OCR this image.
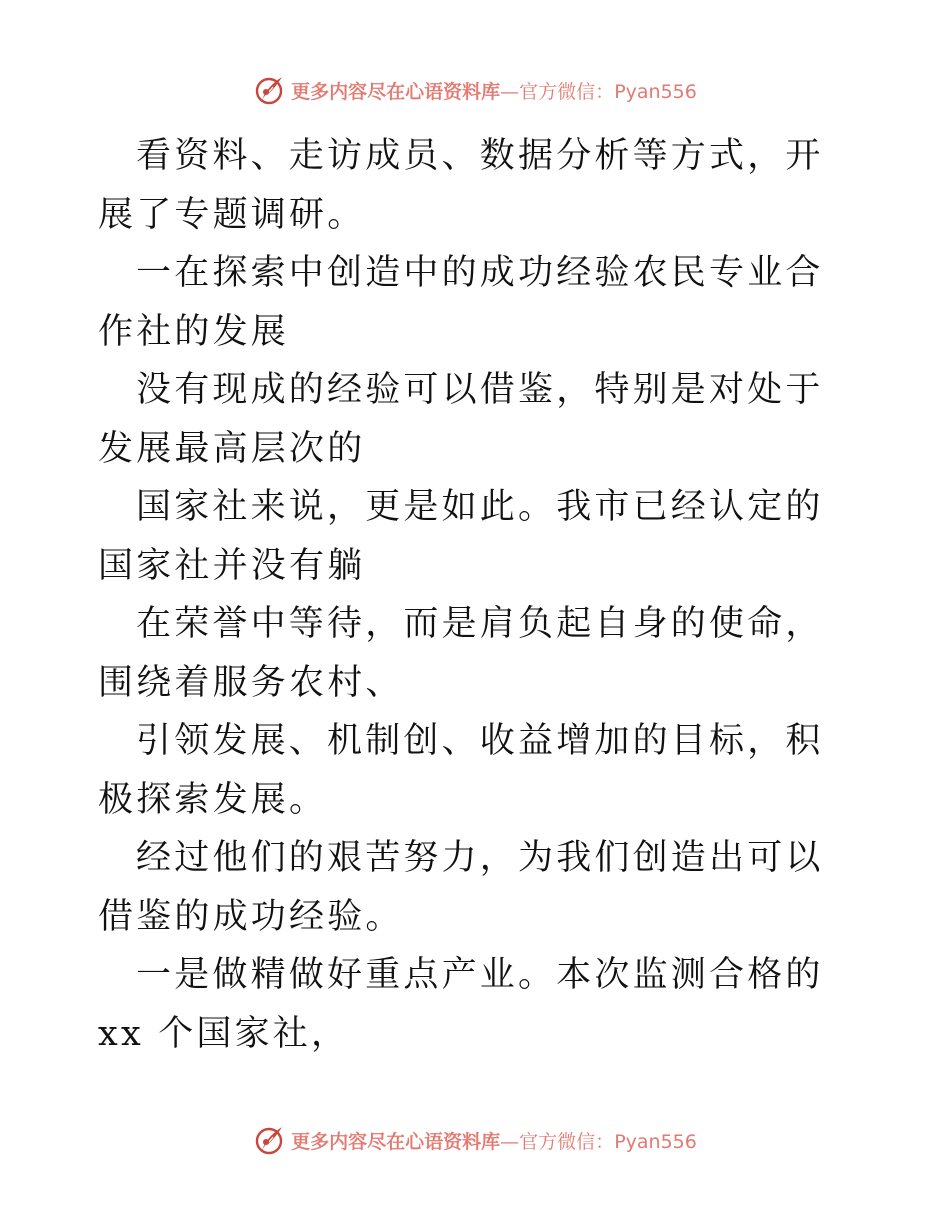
更多内容尽在心语资料库—官方微信：Pyan556

看资料、走访成员、数据分析等方式，开展了专题调研。

一在探索中创造中的成功经验农民专业合作社的发展

没有现成的经验可以借鉴，特别是对处于发展最高层次的

国家社来说，更是如此。我市已经认定的国家社并没有躺

在荣誉中等待，而是肩负起自身的使命，围绕着服务农村、

引领发展、机制创、收益增加的目标，积极探索发展。

经过他们的艰苦努力，为我们创造出可以借鉴的成功经验。

一是做精做好重点产业。本次监测合格的 xx 个国家社，

更多内容尽在心语资料库—官方微信：Pyan556
